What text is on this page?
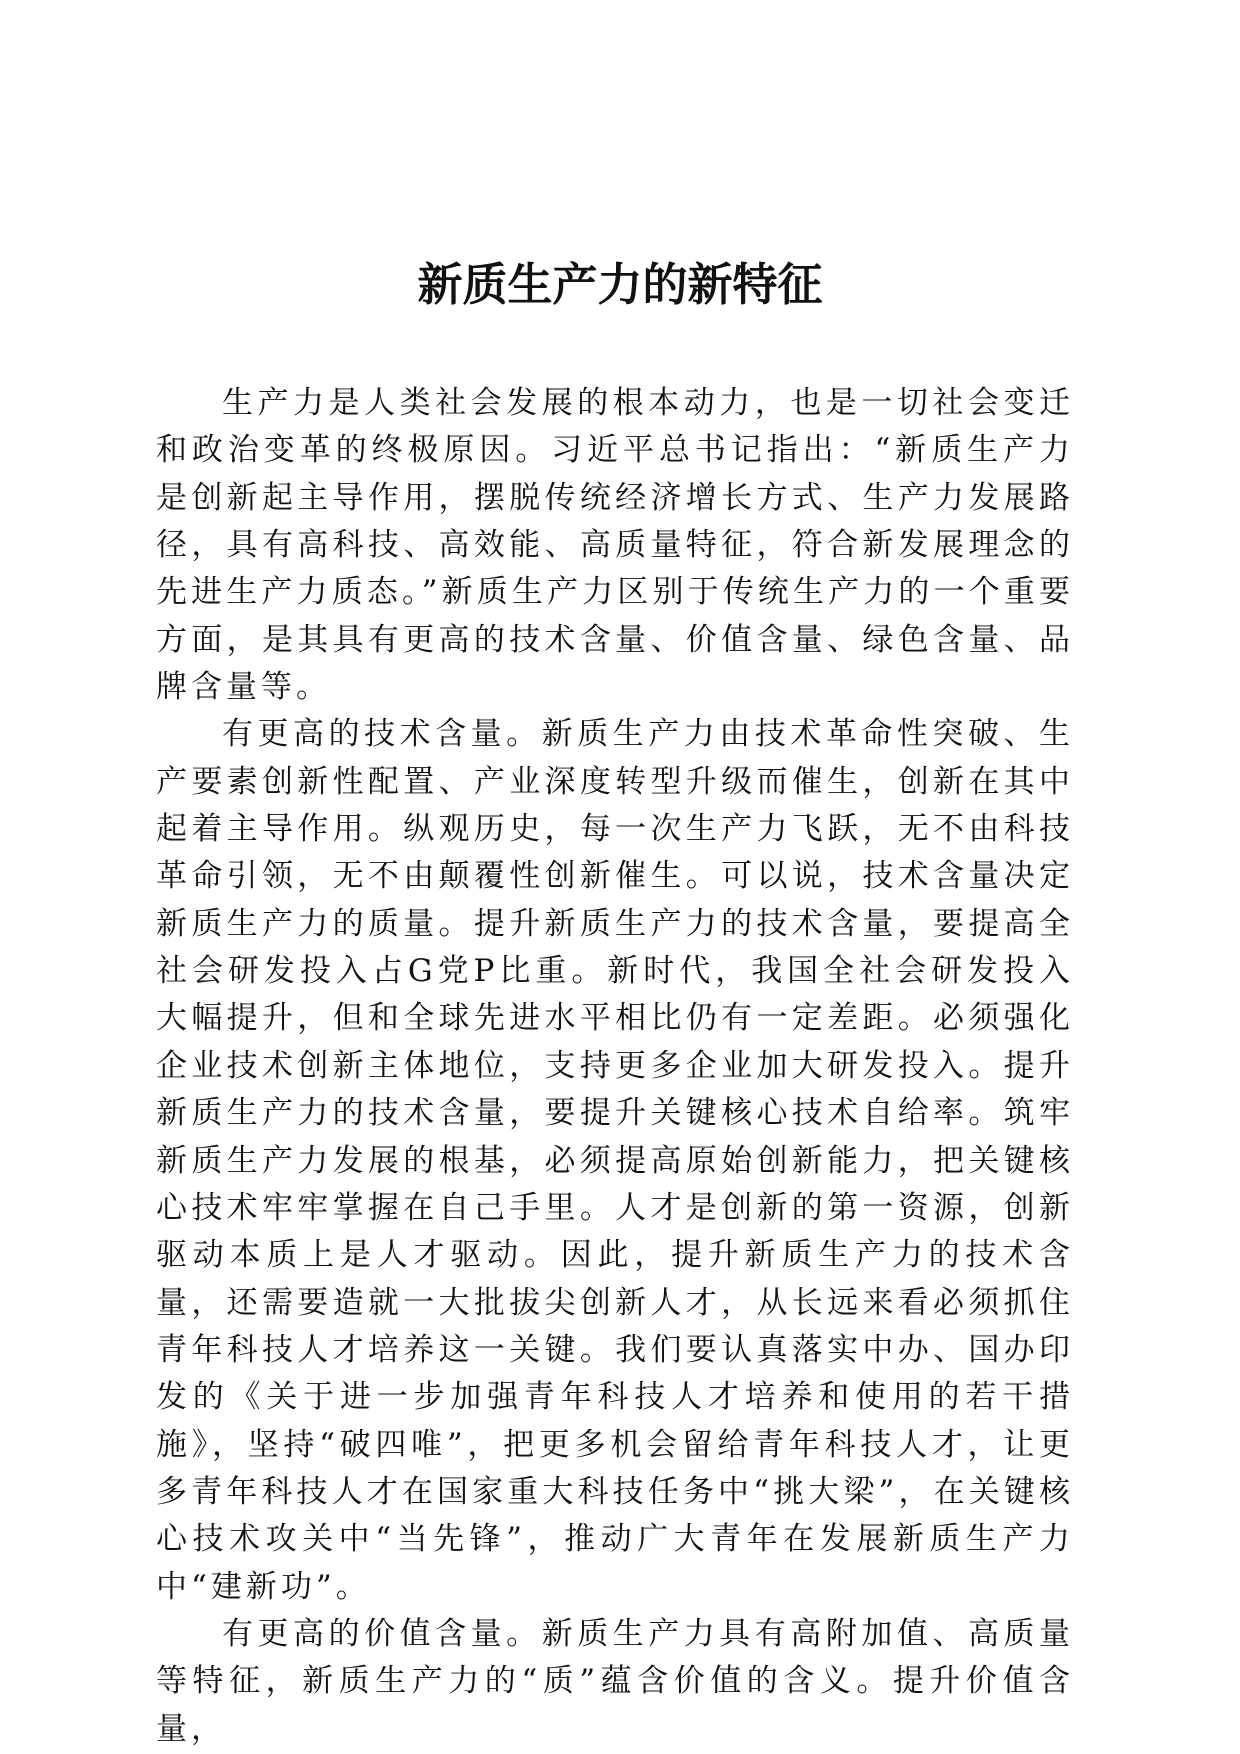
新质生产力的新特征

生产力是人类社会发展的根本动力，也是一切社会变迁和政治变革的终极原因。习近平总书记指出：“新质生产力是创新起主导作用，摆脱传统经济增长方式、生产力发展路径，具有高科技、高效能、高质量特征，符合新发展理念的先进生产力质态。”新质生产力区别于传统生产力的一个重要方面，是其具有更高的技术含量、价值含量、绿色含量、品牌含量等。

有更高的技术含量。新质生产力由技术革命性突破、生产要素创新性配置、产业深度转型升级而催生，创新在其中起着主导作用。纵观历史，每一次生产力飞跃，无不由科技革命引领，无不由颠覆性创新催生。可以说，技术含量决定新质生产力的质量。提升新质生产力的技术含量，要提高全社会研发投入占G党P比重。新时代，我国全社会研发投入大幅提升，但和全球先进水平相比仍有一定差距。必须强化企业技术创新主体地位，支持更多企业加大研发投入。提升新质生产力的技术含量，要提升关键核心技术自给率。筑牢新质生产力发展的根基，必须提高原始创新能力，把关键核心技术牢牢掌握在自己手里。人才是创新的第一资源，创新驱动本质上是人才驱动。因此，提升新质生产力的技术含量，还需要造就一大批拔尖创新人才，从长远来看必须抓住青年科技人才培养这一关键。我们要认真落实中办、国办印发的《关于进一步加强青年科技人才培养和使用的若干措施》，坚持“破四唯”，把更多机会留给青年科技人才，让更多青年科技人才在国家重大科技任务中“挑大梁”，在关键核心技术攻关中“当先锋”，推动广大青年在发展新质生产力中“建新功”。

有更高的价值含量。新质生产力具有高附加值、高质量等特征，新质生产力的“质”蕴含价值的含义。提升价值含量，
